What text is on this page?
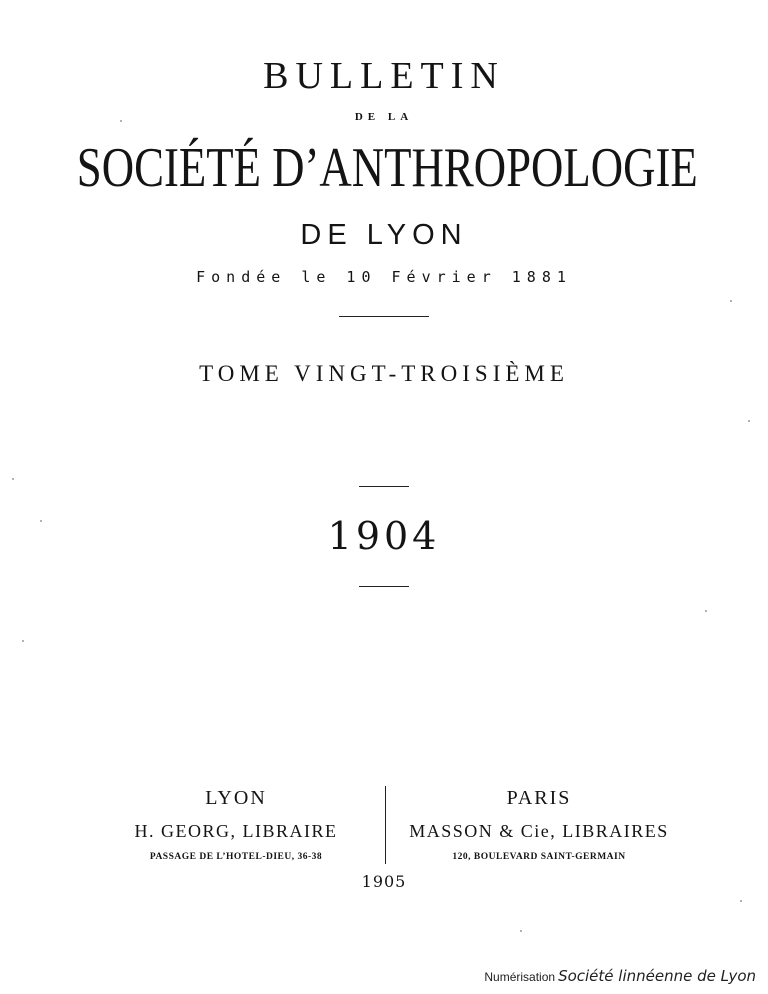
BULLETIN
DE LA
SOCIÉTÉ D’ANTHROPOLOGIE
DE LYON
Fondée le 10 Février 1881
TOME VINGT-TROISIÈME
1904
LYON
H. GEORG, LIBRAIRE
PASSAGE DE L’HOTEL-DIEU, 36-38
PARIS
MASSON & Cie, LIBRAIRES
120, BOULEVARD SAINT-GERMAIN
1905
Numérisation Société linnéenne de Lyon
